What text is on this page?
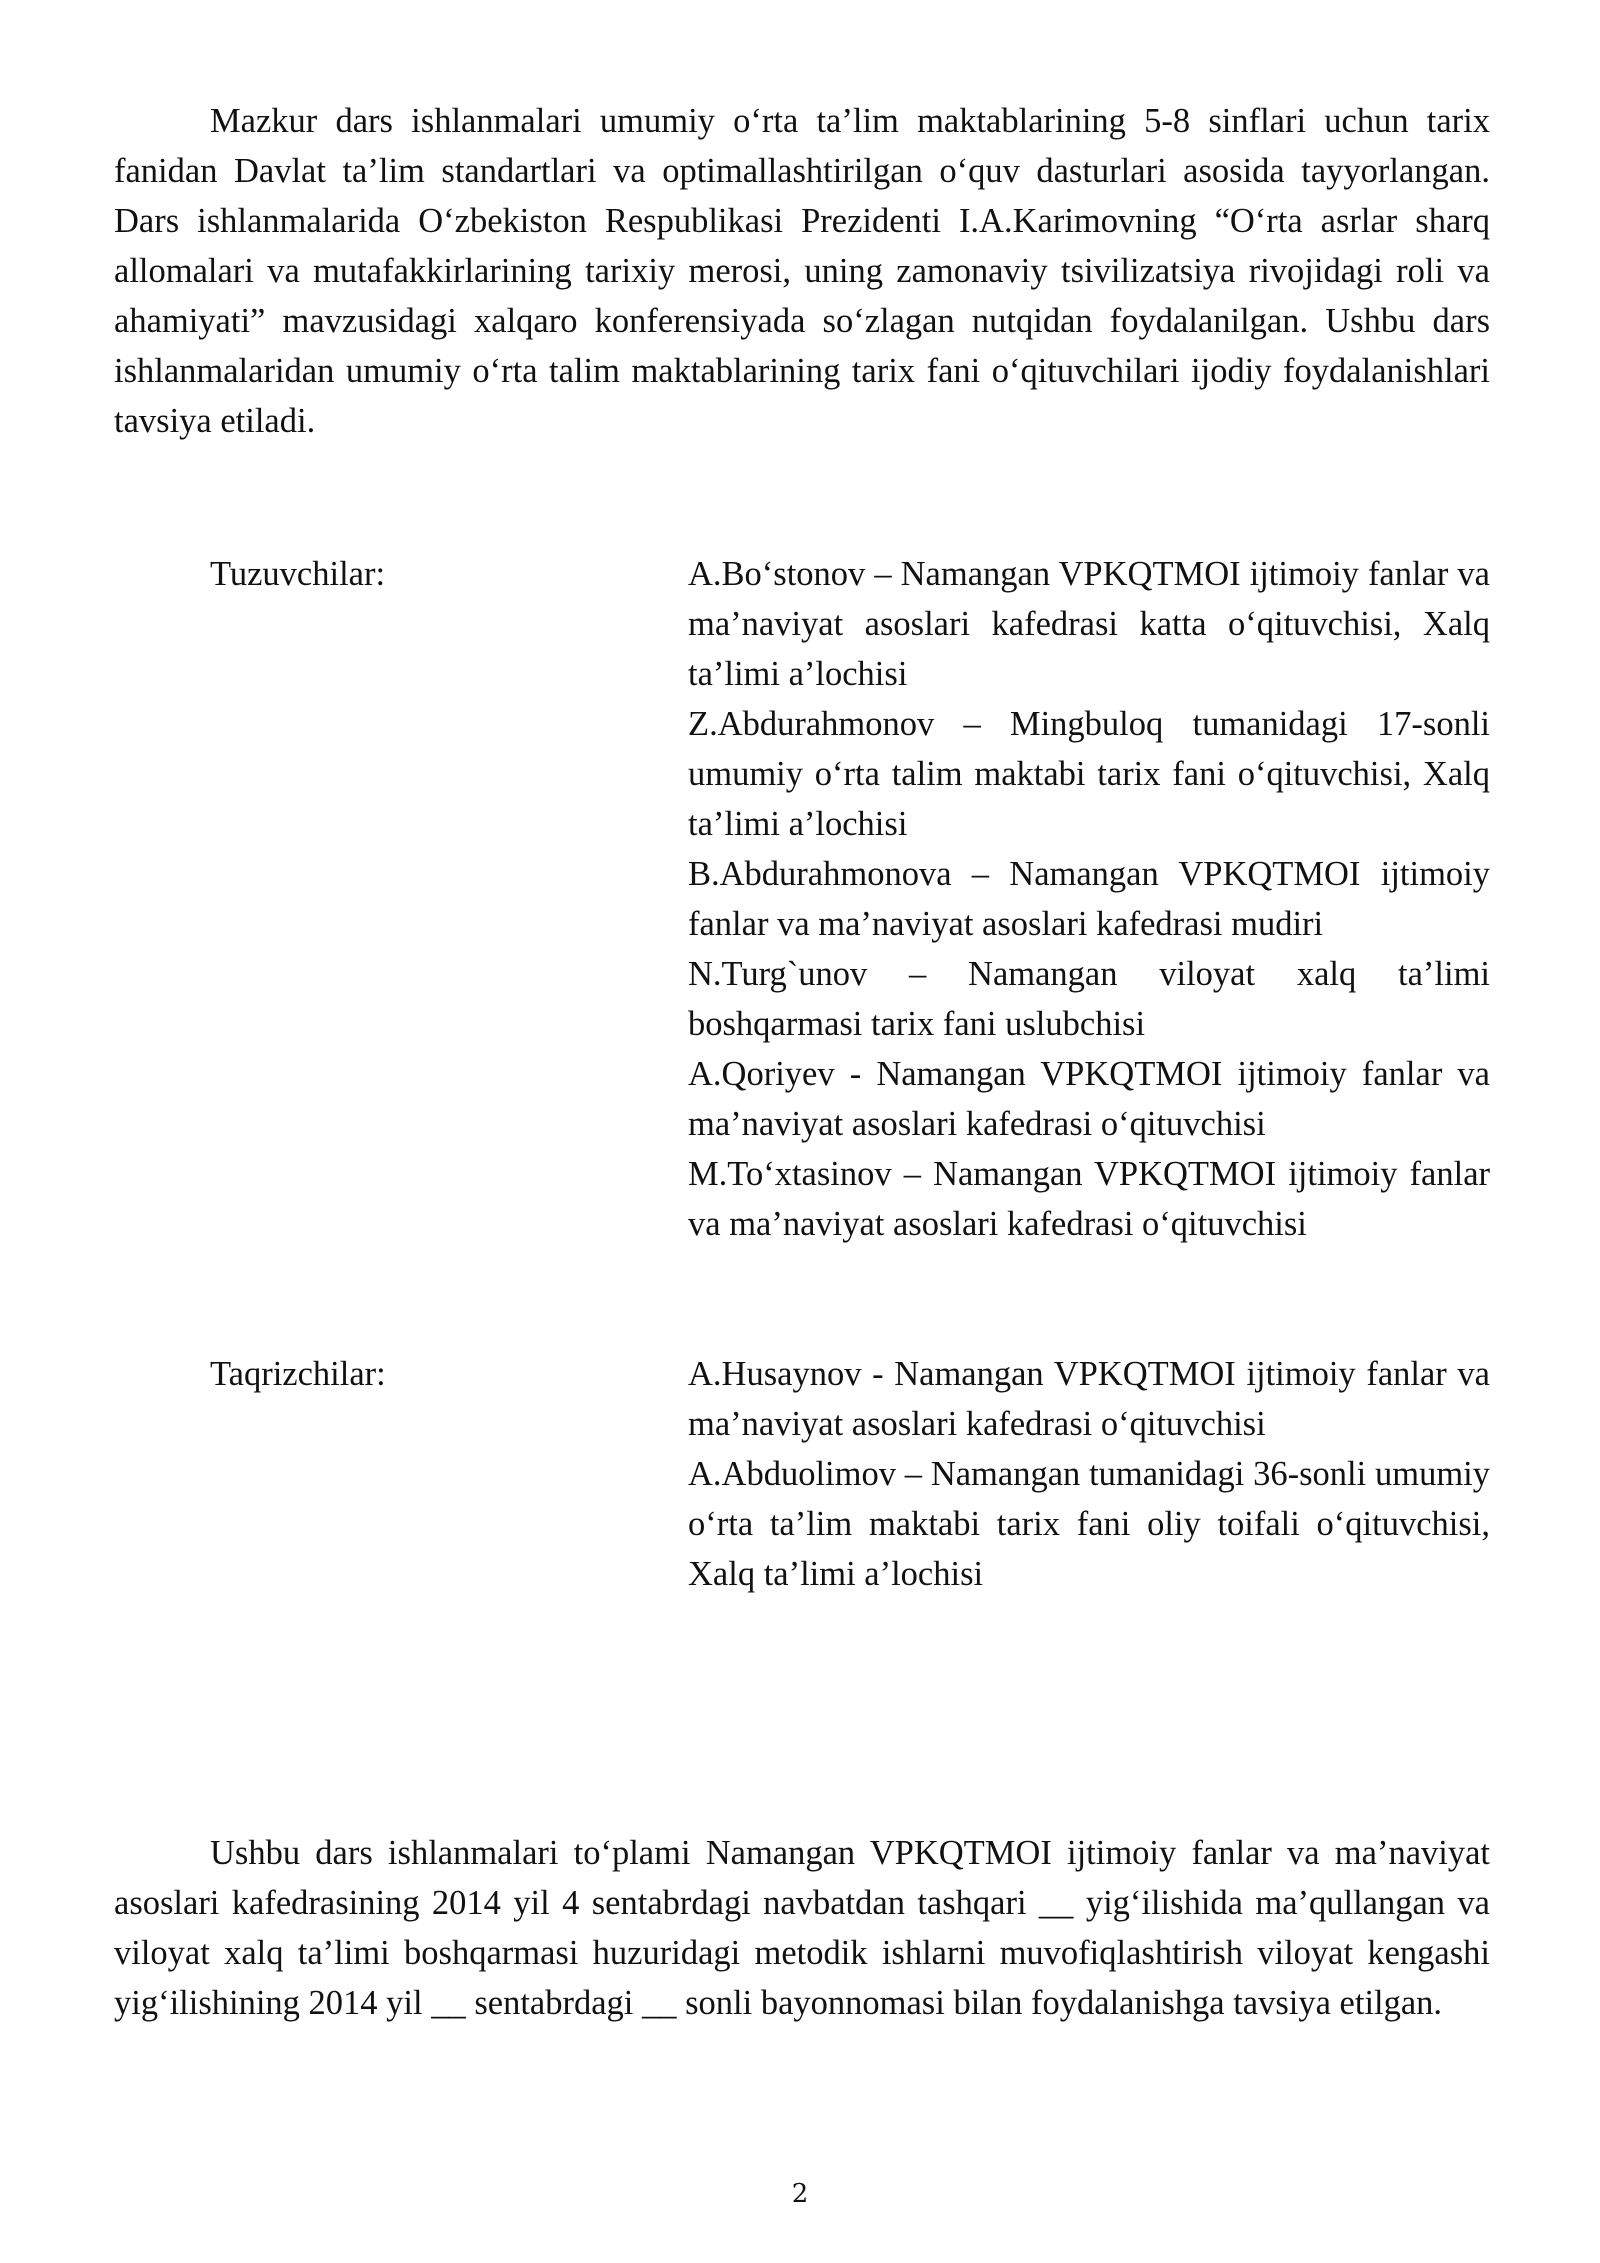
Mazkur dars ishlanmalari umumiy o‘rta ta’lim maktablarining 5-8 sinflari uchun tarix fanidan Davlat ta’lim standartlari va optimallashtirilgan o‘quv dasturlari asosida tayyorlangan. Dars ishlanmalarida O‘zbekiston Respublikasi Prezidenti I.A.Karimovning “O‘rta asrlar sharq allomalari va mutafakkirlarining tarixiy merosi, uning zamonaviy tsivilizatsiya rivojidagi roli va ahamiyati” mavzusidagi xalqaro konferensiyada so‘zlagan nutqidan foydalanilgan. Ushbu dars ishlanmalaridan umumiy o‘rta talim maktablarining tarix fani o‘qituvchilari ijodiy foydalanishlari tavsiya etiladi.

Tuzuvchilar:	A.Bo‘stonov – Namangan VPKQTMOI ijtimoiy fanlar va ma’naviyat asoslari kafedrasi katta o‘qituvchisi, Xalq ta’limi a’lochisi

Z.Abdurahmonov – Mingbuloq tumanidagi 17-sonli umumiy o‘rta talim maktabi tarix fani o‘qituvchisi, Xalq ta’limi a’lochisi

B.Abdurahmonova – Namangan VPKQTMOI ijtimoiy fanlar va ma’naviyat asoslari kafedrasi mudiri

N.Turg`unov – Namangan viloyat xalq ta’limi boshqarmasi tarix fani uslubchisi

A.Qoriyev - Namangan VPKQTMOI ijtimoiy fanlar va ma’naviyat asoslari kafedrasi o‘qituvchisi

M.To‘xtasinov – Namangan VPKQTMOI ijtimoiy fanlar va ma’naviyat asoslari kafedrasi o‘qituvchisi

Taqrizchilar:	A.Husaynov - Namangan VPKQTMOI ijtimoiy fanlar va ma’naviyat asoslari kafedrasi o‘qituvchisi

A.Abduolimov – Namangan tumanidagi 36-sonli umumiy o‘rta ta’lim maktabi tarix fani oliy toifali o‘qituvchisi, Xalq ta’limi a’lochisi

Ushbu dars ishlanmalari to‘plami Namangan VPKQTMOI ijtimoiy fanlar va ma’naviyat asoslari kafedrasining 2014 yil 4 sentabrdagi navbatdan tashqari __ yig‘ilishida ma’qullangan va viloyat xalq ta’limi boshqarmasi huzuridagi metodik ishlarni muvofiqlashtirish viloyat kengashi yig‘ilishining 2014 yil __ sentabrdagi __ sonli bayonnomasi bilan foydalanishga tavsiya etilgan.

2
